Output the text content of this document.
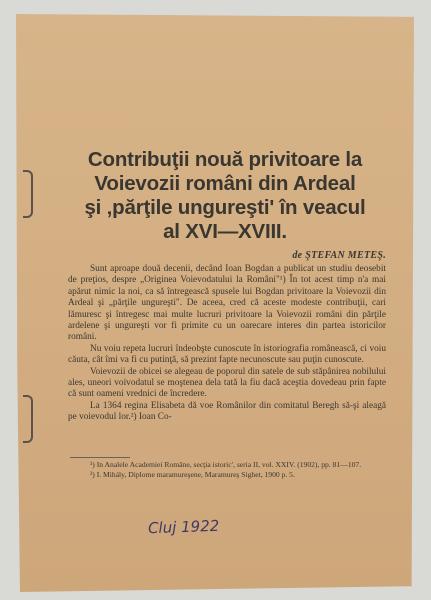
Contribuţii nouă privitoare la
Voievozii români din Ardeal
şi ‚părţile ungureşti' în veacul
al XVI—XVIII.
de ŞTEFAN METEŞ.

Sunt aproape două decenii, decând Ioan Bogdan a publicat un studiu deosebit de preţios, despre „Originea Voievodatului la Români"¹) În tot acest timp n'a mai apărut nimic la noi, ca să întregească spusele lui Bogdan privitoare la Voievozii din Ardeal şi „părţile ungureşti". De aceea, cred că aceste modeste contribuţii, cari lămuresc şi întregesc mai multe lucruri privitoare la Voievozii români din părţile ardelene şi ungureşti vor fi primite cu un oarecare interes din partea istoricilor români.

Nu voiu repeta lucruri îndeobşte cunoscute în istoriografia românească, ci voiu căuta, cât îmi va fi cu putinţă, să prezint fapte necunoscute sau puţin cunoscute.

Voievozii de obicei se alegeau de poporul din satele de sub stăpânirea nobilului ales, uneori voivodatul se moştenea dela tată la fiu dacă aceştia dovedeau prin fapte că sunt oameni vrednici de încredere.

La 1364 regina Elisabeta dă voe Românilor din comitatul Beregh să-şi aleagă pe voievodul lor.²) Ioan Co-

¹) In Analele Academiei Române, secţia istoric', seria II, vol. XXIV. (1902), pp. 81—107.

²) I. Mihály, Diplome maramureşene, Maramureş Sighet, 1900 p. 5.

Cluj 1922
